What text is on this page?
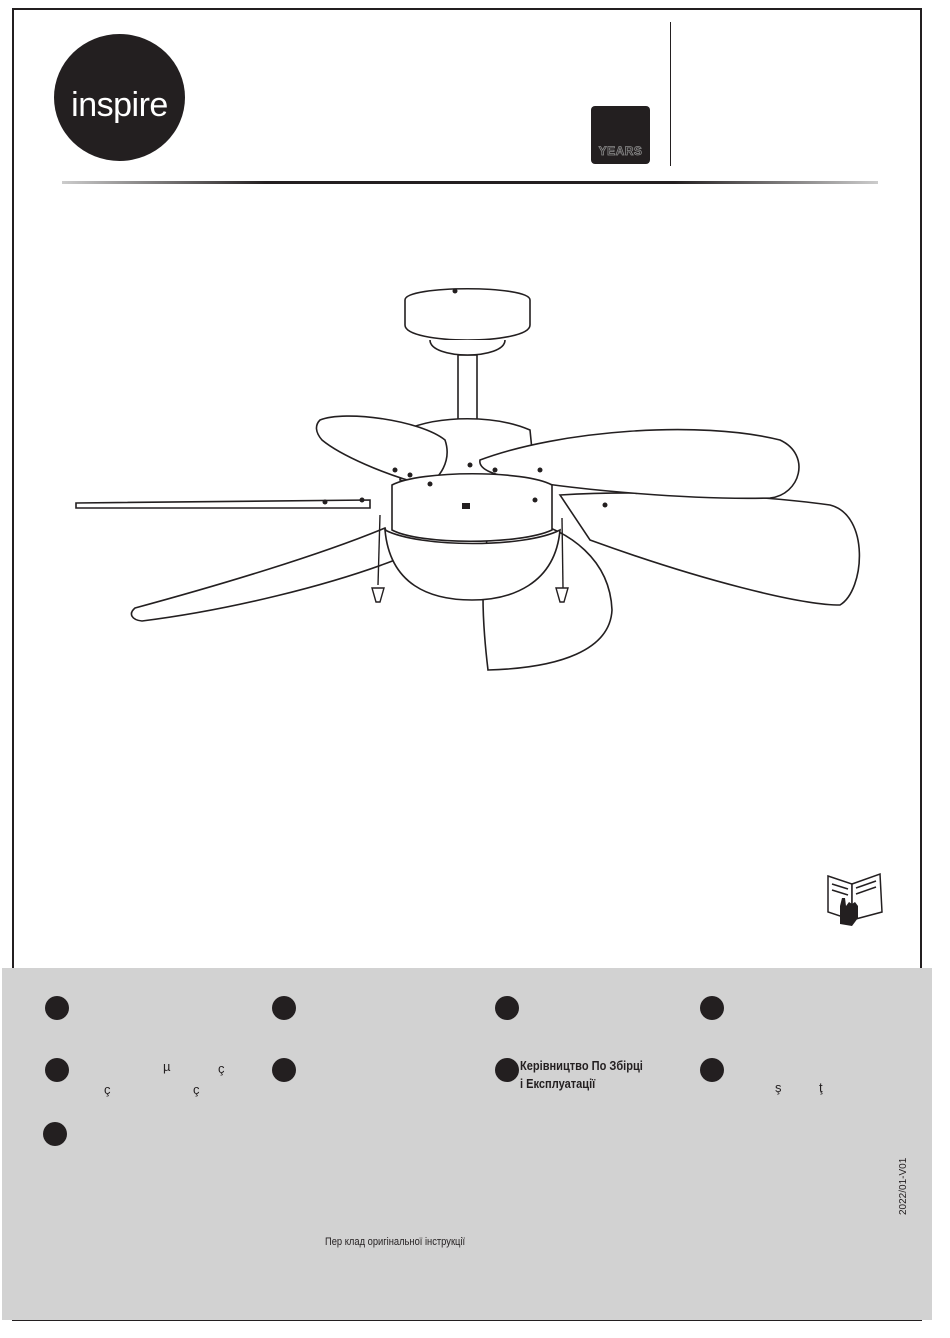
inspire
YEARS
µ	ç
ç	ç	ş	ţ
Керівництво По Збірці
і Експлуатації
Пер клад оригінальної інструкції
2022/01-V01
